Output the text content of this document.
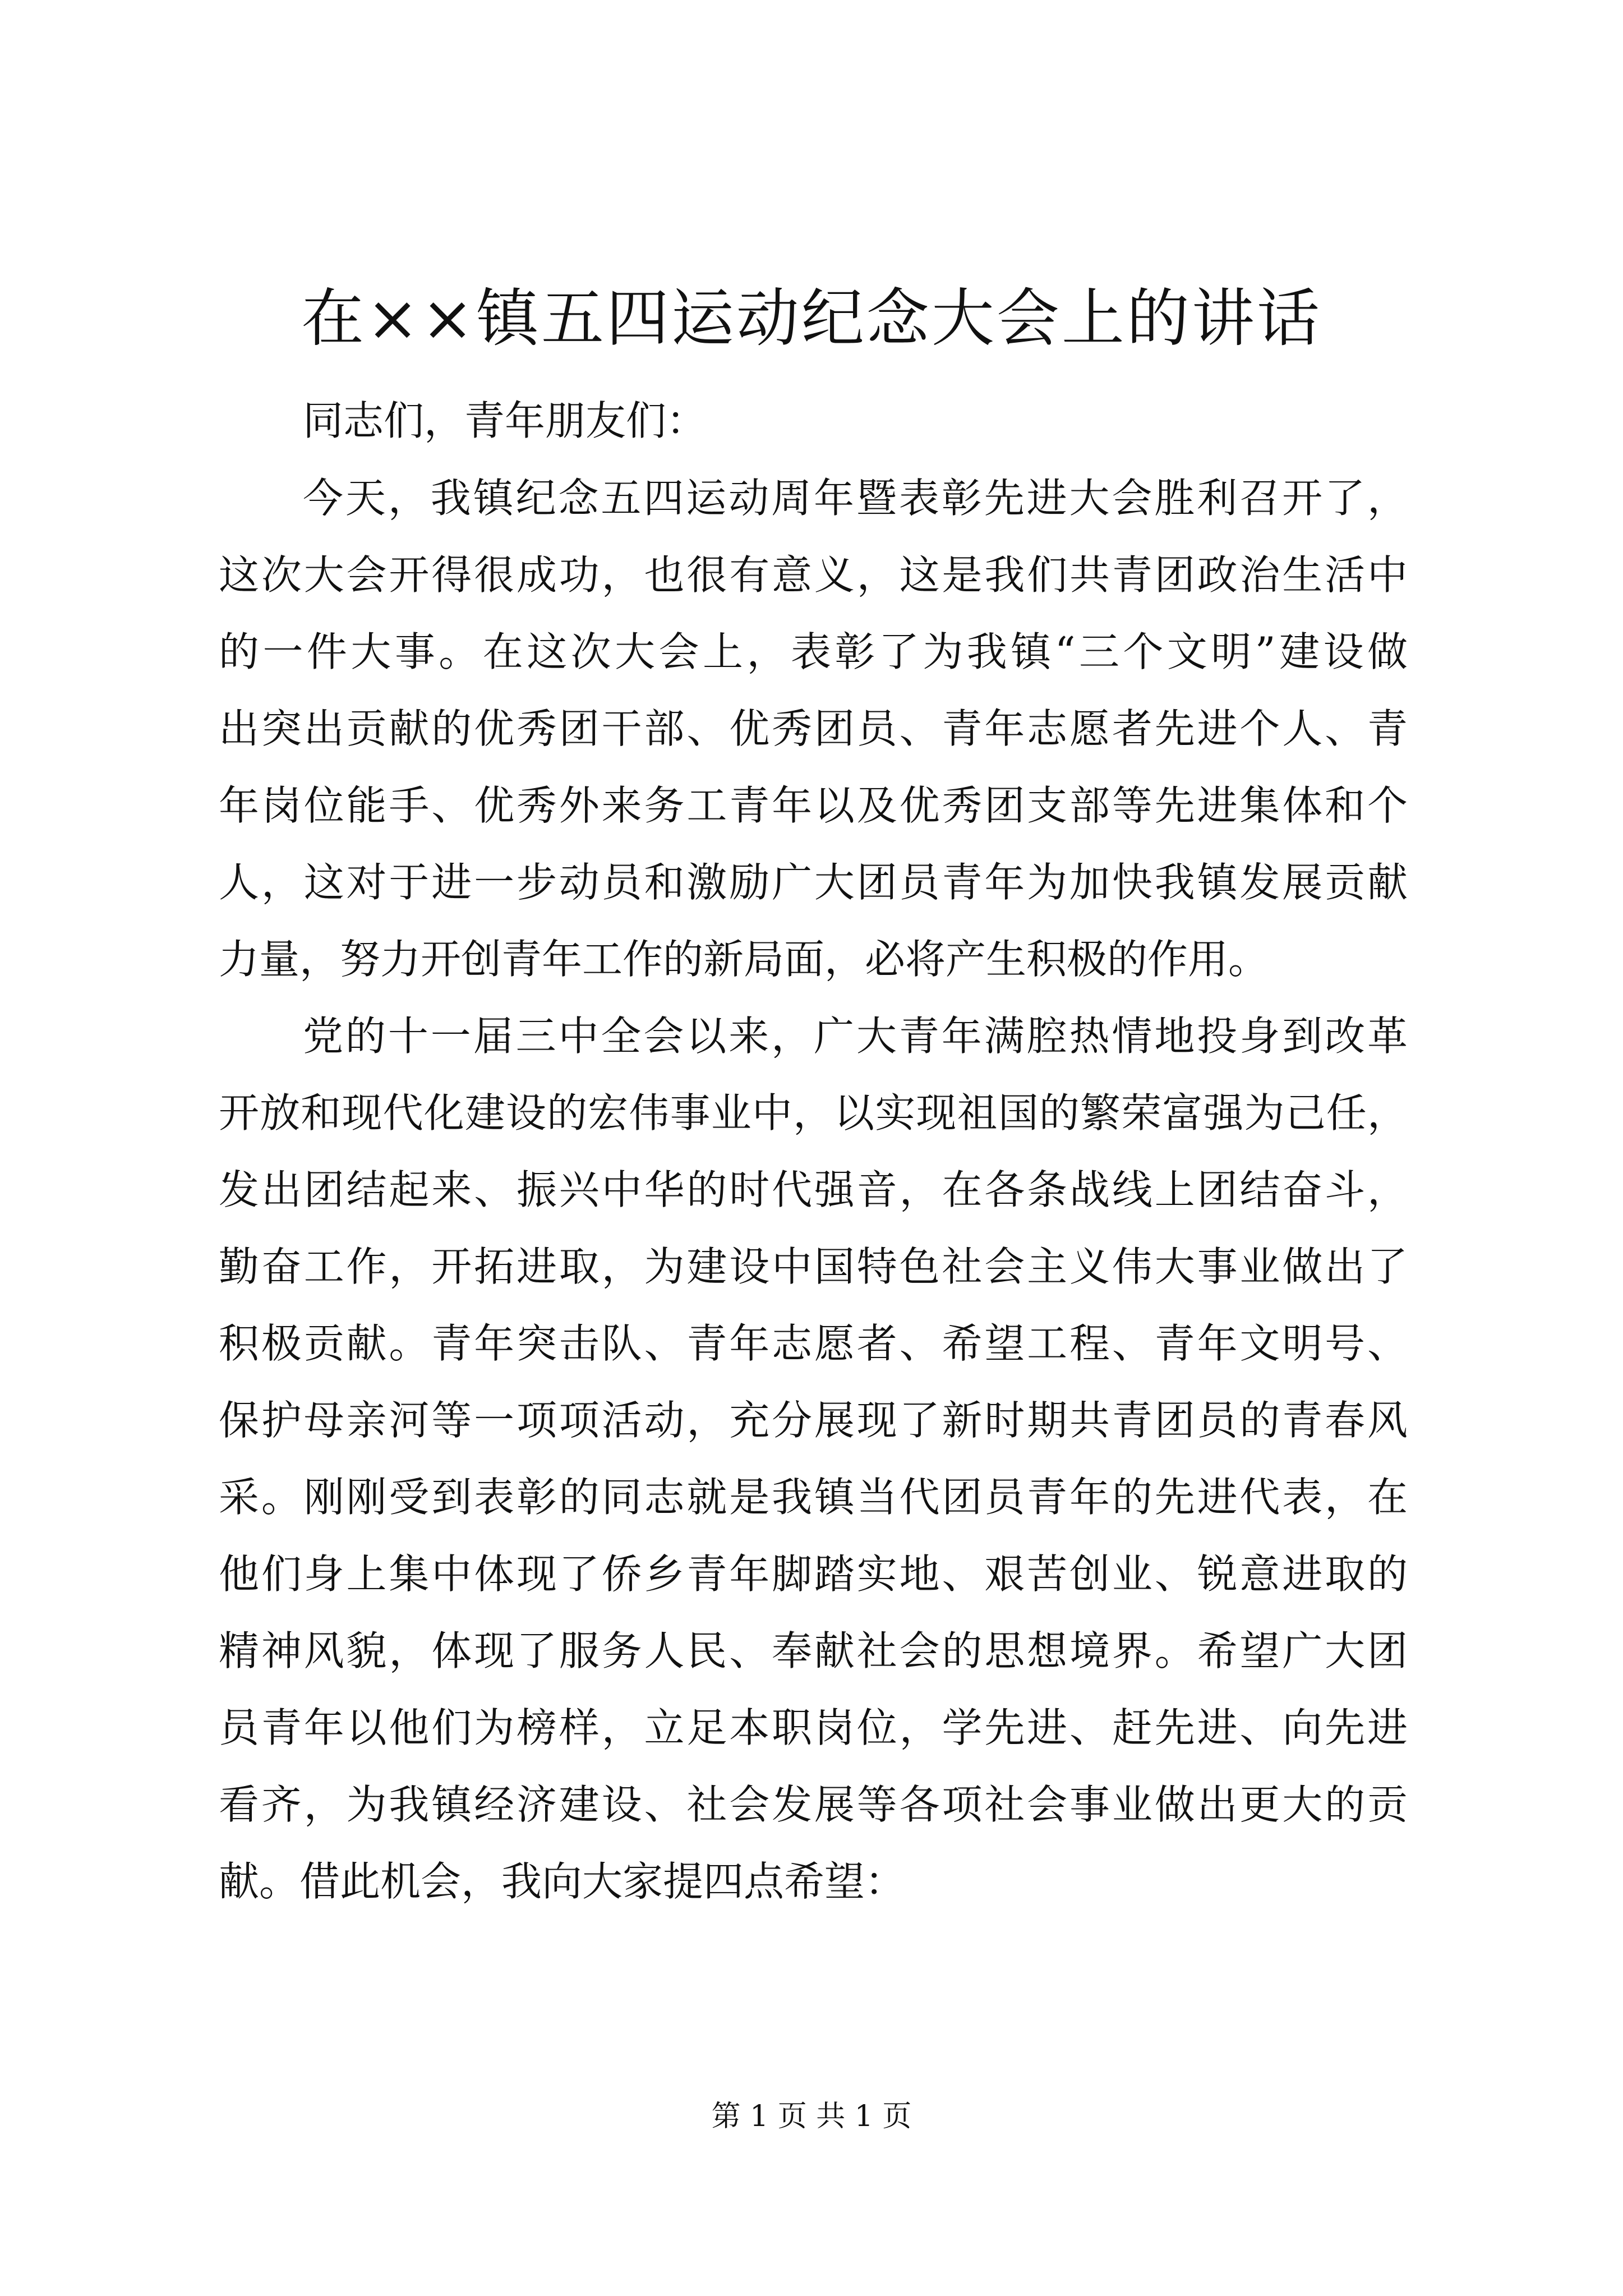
在××镇五四运动纪念大会上的讲话
同志们，青年朋友们：
今天，我镇纪念五四运动周年暨表彰先进大会胜利召开了，
这次大会开得很成功，也很有意义，这是我们共青团政治生活中
的一件大事。在这次大会上，表彰了为我镇“三个文明”建设做
出突出贡献的优秀团干部、优秀团员、青年志愿者先进个人、青
年岗位能手、优秀外来务工青年以及优秀团支部等先进集体和个
人，这对于进一步动员和激励广大团员青年为加快我镇发展贡献
力量，努力开创青年工作的新局面，必将产生积极的作用。
党的十一届三中全会以来，广大青年满腔热情地投身到改革
开放和现代化建设的宏伟事业中，以实现祖国的繁荣富强为己任，
发出团结起来、振兴中华的时代强音，在各条战线上团结奋斗，
勤奋工作，开拓进取，为建设中国特色社会主义伟大事业做出了
积极贡献。青年突击队、青年志愿者、希望工程、青年文明号、
保护母亲河等一项项活动，充分展现了新时期共青团员的青春风
采。刚刚受到表彰的同志就是我镇当代团员青年的先进代表，在
他们身上集中体现了侨乡青年脚踏实地、艰苦创业、锐意进取的
精神风貌，体现了服务人民、奉献社会的思想境界。希望广大团
员青年以他们为榜样，立足本职岗位，学先进、赶先进、向先进
看齐，为我镇经济建设、社会发展等各项社会事业做出更大的贡
献。借此机会，我向大家提四点希望：
第 1 页 共 1 页
